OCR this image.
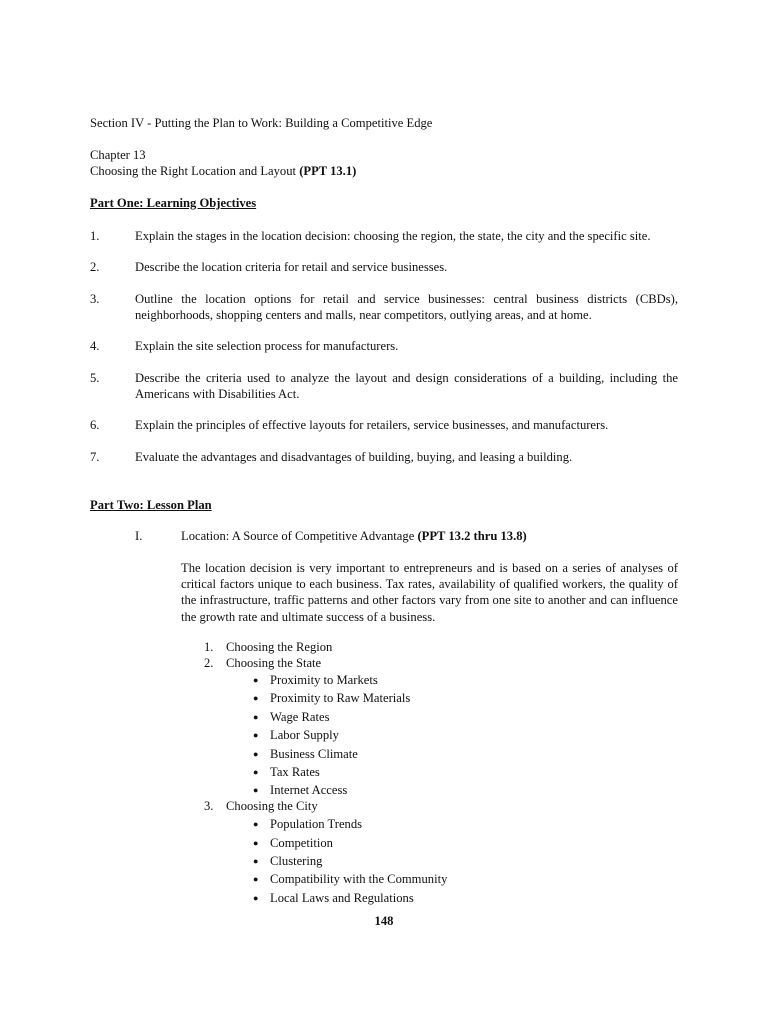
Section IV - Putting the Plan to Work: Building a Competitive Edge
Chapter 13
Choosing the Right Location and Layout (PPT 13.1)
Part One: Learning Objectives
1.	Explain the stages in the location decision: choosing the region, the state, the city and the specific site.
2.	Describe the location criteria for retail and service businesses.
3.	Outline the location options for retail and service businesses: central business districts (CBDs), neighborhoods, shopping centers and malls, near competitors, outlying areas, and at home.
4.	Explain the site selection process for manufacturers.
5.	Describe the criteria used to analyze the layout and design considerations of a building, including the Americans with Disabilities Act.
6.	Explain the principles of effective layouts for retailers, service businesses, and manufacturers.
7.	Evaluate the advantages and disadvantages of building, buying, and leasing a building.
Part Two: Lesson Plan
I.	Location: A Source of Competitive Advantage (PPT 13.2 thru 13.8)
The location decision is very important to entrepreneurs and is based on a series of analyses of critical factors unique to each business. Tax rates, availability of qualified workers, the quality of the infrastructure, traffic patterns and other factors vary from one site to another and can influence the growth rate and ultimate success of a business.
1. Choosing the Region
2. Choosing the State
● Proximity to Markets
● Proximity to Raw Materials
● Wage Rates
● Labor Supply
● Business Climate
● Tax Rates
● Internet Access
3. Choosing the City
● Population Trends
● Competition
● Clustering
● Compatibility with the Community
● Local Laws and Regulations
148
